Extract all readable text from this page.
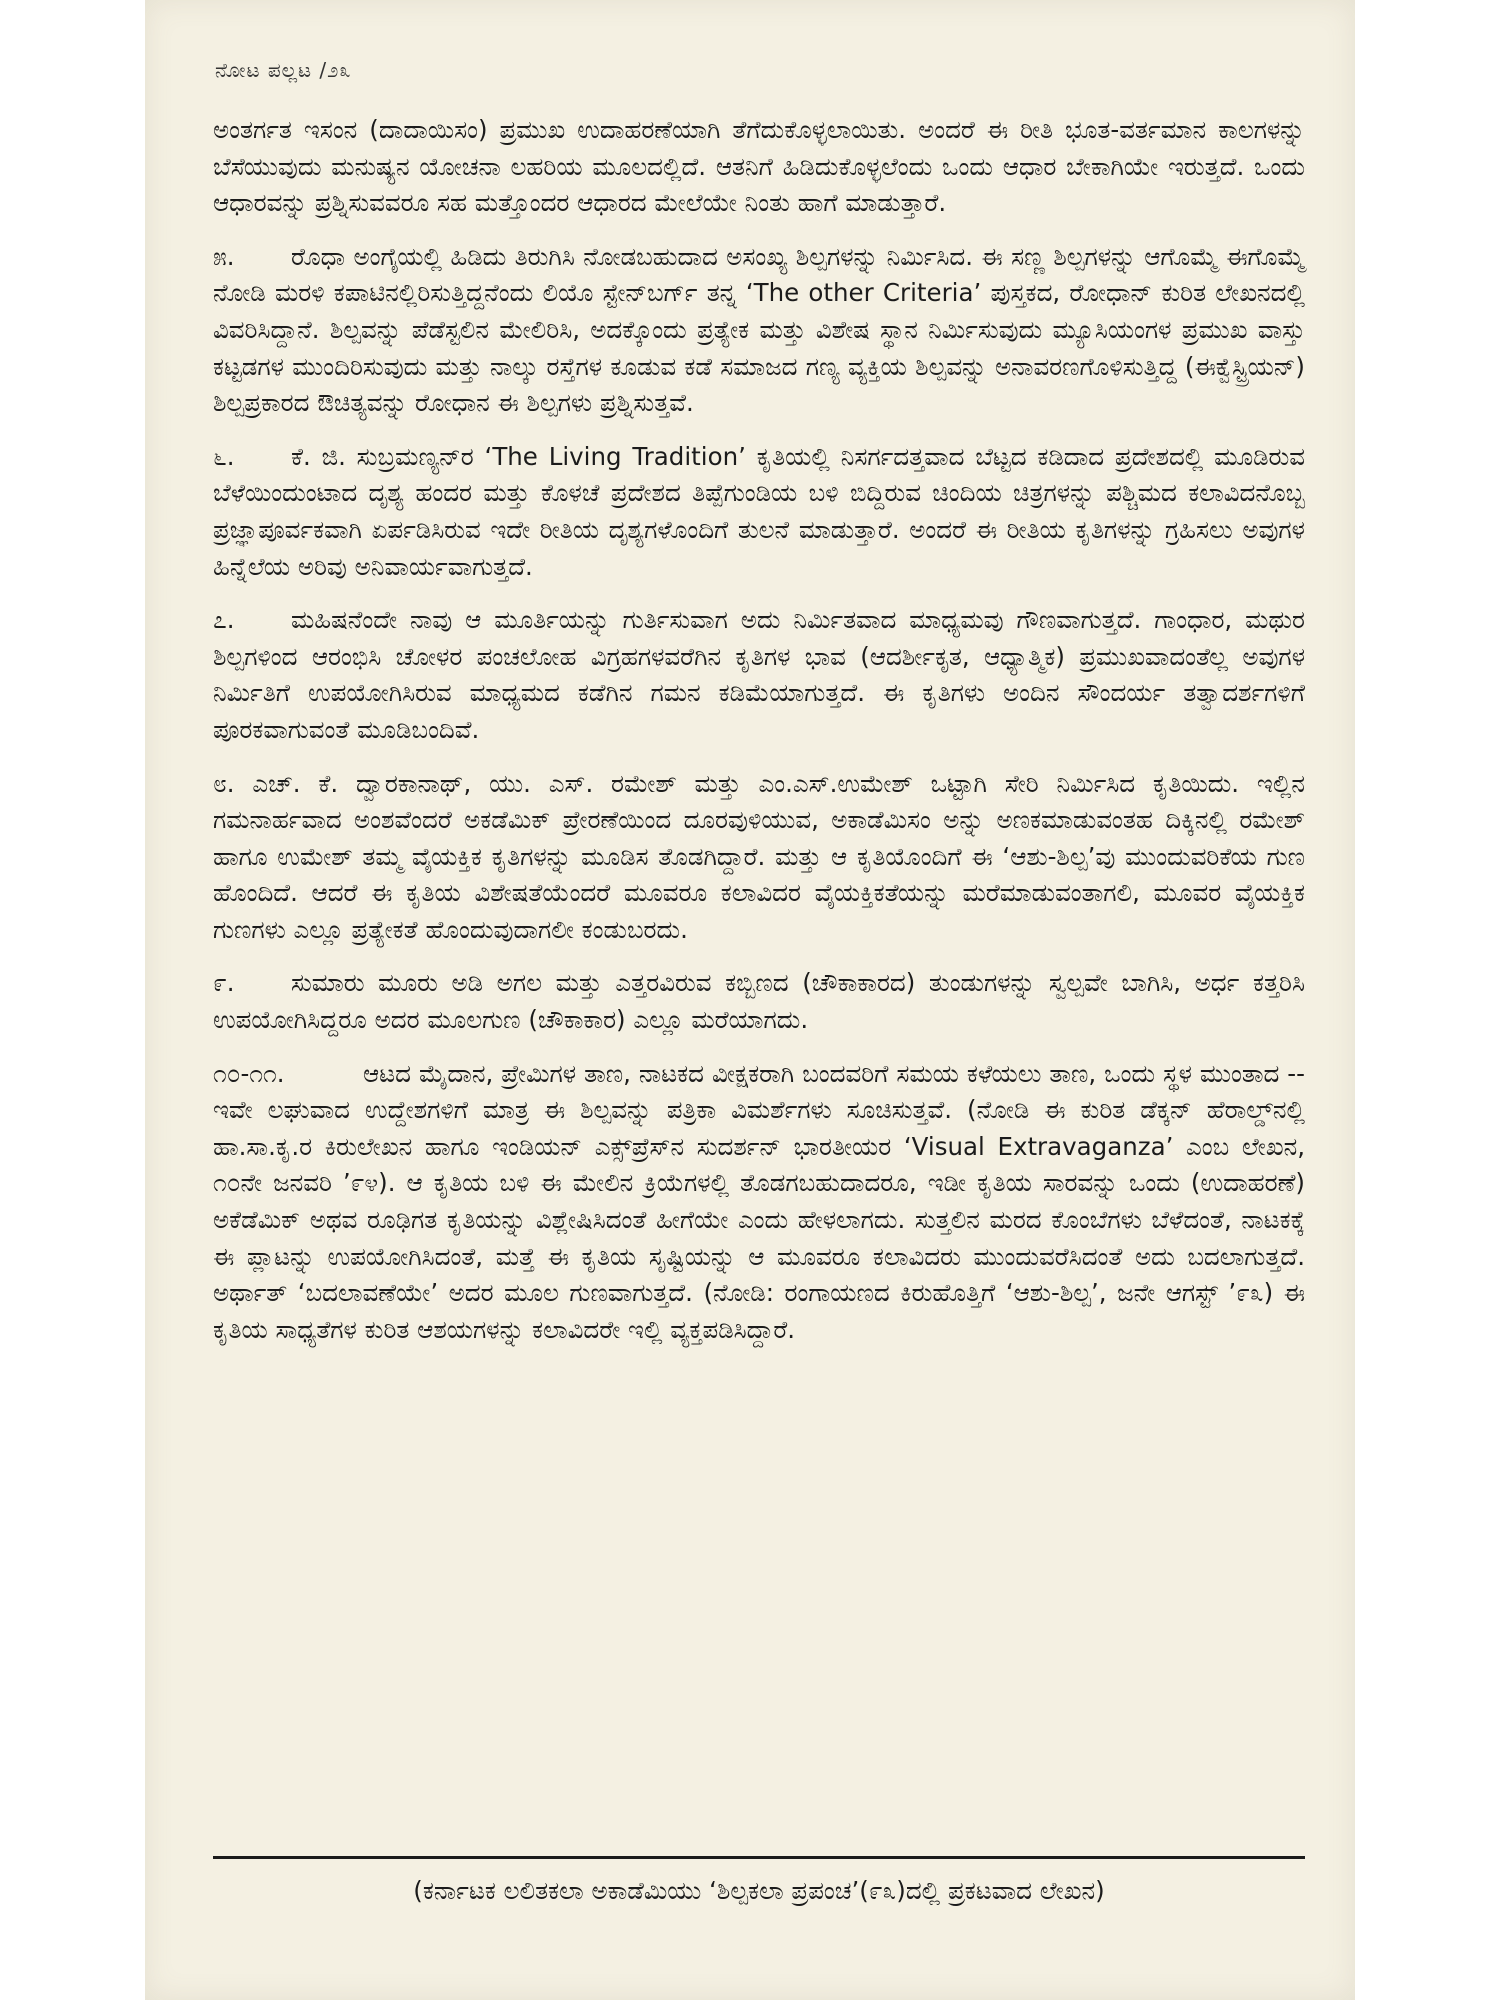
ನೋಟ ಪಲ್ಲಟ /೨೩

ಅಂತರ್ಗತ ಇಸಂನ (ದಾದಾಯಿಸಂ) ಪ್ರಮುಖ ಉದಾಹರಣೆಯಾಗಿ ತೆಗೆದುಕೊಳ್ಳಲಾಯಿತು. ಅಂದರೆ ಈ ರೀತಿ ಭೂತ-ವರ್ತಮಾನ ಕಾಲಗಳನ್ನು ಬೆಸೆಯುವುದು ಮನುಷ್ಯನ ಯೋಚನಾ ಲಹರಿಯ ಮೂಲದಲ್ಲಿದೆ. ಆತನಿಗೆ ಹಿಡಿದುಕೊಳ್ಳಲೆಂದು ಒಂದು ಆಧಾರ ಬೇಕಾಗಿಯೇ ಇರುತ್ತದೆ. ಒಂದು ಆಧಾರವನ್ನು ಪ್ರಶ್ನಿಸುವವರೂ ಸಹ ಮತ್ತೊಂದರ ಆಧಾರದ ಮೇಲೆಯೇ ನಿಂತು ಹಾಗೆ ಮಾಡುತ್ತಾರೆ.

೫. ರೊಧಾ ಅಂಗೈಯಲ್ಲಿ ಹಿಡಿದು ತಿರುಗಿಸಿ ನೋಡಬಹುದಾದ ಅಸಂಖ್ಯ ಶಿಲ್ಪಗಳನ್ನು ನಿರ್ಮಿಸಿದ. ಈ ಸಣ್ಣ ಶಿಲ್ಪಗಳನ್ನು ಆಗೊಮ್ಮೆ ಈಗೊಮ್ಮೆ ನೋಡಿ ಮರಳಿ ಕಪಾಟಿನಲ್ಲಿರಿಸುತ್ತಿದ್ದನೆಂದು ಲಿಯೊ ಸ್ಟೇನ್‌ಬರ್ಗ್ ತನ್ನ ‘The other Criteria’ ಪುಸ್ತಕದ, ರೋಧಾನ್ ಕುರಿತ ಲೇಖನದಲ್ಲಿ ವಿವರಿಸಿದ್ದಾನೆ. ಶಿಲ್ಪವನ್ನು ಪೆಡೆಸ್ಟಲಿನ ಮೇಲಿರಿಸಿ, ಅದಕ್ಕೊಂದು ಪ್ರತ್ಯೇಕ ಮತ್ತು ವಿಶೇಷ ಸ್ಥಾನ ನಿರ್ಮಿಸುವುದು ಮ್ಯೂಸಿಯಂಗಳ ಪ್ರಮುಖ ವಾಸ್ತು ಕಟ್ಟಡಗಳ ಮುಂದಿರಿಸುವುದು ಮತ್ತು ನಾಲ್ಕು ರಸ್ತೆಗಳ ಕೂಡುವ ಕಡೆ ಸಮಾಜದ ಗಣ್ಯ ವ್ಯಕ್ತಿಯ ಶಿಲ್ಪವನ್ನು ಅನಾವರಣಗೊಳಿಸುತ್ತಿದ್ದ (ಈಕ್ವೆಸ್ಟ್ರಿಯನ್) ಶಿಲ್ಪಪ್ರಕಾರದ ಔಚಿತ್ಯವನ್ನು ರೋಧಾನ ಈ ಶಿಲ್ಪಗಳು ಪ್ರಶ್ನಿಸುತ್ತವೆ.

೬. ಕೆ. ಜಿ. ಸುಬ್ರಮಣ್ಯನ್‌ರ ‘The Living Tradition’ ಕೃತಿಯಲ್ಲಿ ನಿಸರ್ಗದತ್ತವಾದ ಬೆಟ್ಟದ ಕಡಿದಾದ ಪ್ರದೇಶದಲ್ಲಿ ಮೂಡಿರುವ ಬೆಳೆಯಿಂದುಂಟಾದ ದೃಶ್ಯ ಹಂದರ ಮತ್ತು ಕೊಳಚೆ ಪ್ರದೇಶದ ತಿಪ್ಪೆಗುಂಡಿಯ ಬಳಿ ಬಿದ್ದಿರುವ ಚಿಂದಿಯ ಚಿತ್ರಗಳನ್ನು ಪಶ್ಚಿಮದ ಕಲಾವಿದನೊಬ್ಬ ಪ್ರಜ್ಞಾಪೂರ್ವಕವಾಗಿ ಏರ್ಪಡಿಸಿರುವ ಇದೇ ರೀತಿಯ ದೃಶ್ಯಗಳೊಂದಿಗೆ ತುಲನೆ ಮಾಡುತ್ತಾರೆ. ಅಂದರೆ ಈ ರೀತಿಯ ಕೃತಿಗಳನ್ನು ಗ್ರಹಿಸಲು ಅವುಗಳ ಹಿನ್ನೆಲೆಯ ಅರಿವು ಅನಿವಾರ್ಯವಾಗುತ್ತದೆ.

೭. ಮಹಿಷನೆಂದೇ ನಾವು ಆ ಮೂರ್ತಿಯನ್ನು ಗುರ್ತಿಸುವಾಗ ಅದು ನಿರ್ಮಿತವಾದ ಮಾಧ್ಯಮವು ಗೌಣವಾಗುತ್ತದೆ. ಗಾಂಧಾರ, ಮಥುರ ಶಿಲ್ಪಗಳಿಂದ ಆರಂಭಿಸಿ ಚೋಳರ ಪಂಚಲೋಹ ವಿಗ್ರಹಗಳವರೆಗಿನ ಕೃತಿಗಳ ಭಾವ (ಆದರ್ಶೀಕೃತ, ಆಧ್ಯಾತ್ಮಿಕ) ಪ್ರಮುಖವಾದಂತೆಲ್ಲ ಅವುಗಳ ನಿರ್ಮಿತಿಗೆ ಉಪಯೋಗಿಸಿರುವ ಮಾಧ್ಯಮದ ಕಡೆಗಿನ ಗಮನ ಕಡಿಮೆಯಾಗುತ್ತದೆ. ಈ ಕೃತಿಗಳು ಅಂದಿನ ಸೌಂದರ್ಯ ತತ್ವಾದರ್ಶಗಳಿಗೆ ಪೂರಕವಾಗುವಂತೆ ಮೂಡಿಬಂದಿವೆ.

೮. ಎಚ್. ಕೆ. ದ್ವಾರಕಾನಾಥ್, ಯು. ಎಸ್. ರಮೇಶ್ ಮತ್ತು ಎಂ.ಎಸ್.ಉಮೇಶ್ ಒಟ್ಟಾಗಿ ಸೇರಿ ನಿರ್ಮಿಸಿದ ಕೃತಿಯಿದು. ಇಲ್ಲಿನ ಗಮನಾರ್ಹವಾದ ಅಂಶವೆಂದರೆ ಅಕಡೆಮಿಕ್ ಪ್ರೇರಣೆಯಿಂದ ದೂರವುಳಿಯುವ, ಅಕಾಡೆಮಿಸಂ ಅನ್ನು ಅಣಕಮಾಡುವಂತಹ ದಿಕ್ಕಿನಲ್ಲಿ ರಮೇಶ್ ಹಾಗೂ ಉಮೇಶ್ ತಮ್ಮ ವೈಯಕ್ತಿಕ ಕೃತಿಗಳನ್ನು ಮೂಡಿಸ ತೊಡಗಿದ್ದಾರೆ. ಮತ್ತು ಆ ಕೃತಿಯೊಂದಿಗೆ ಈ ‘ಆಶು-ಶಿಲ್ಪ’ವು ಮುಂದುವರಿಕೆಯ ಗುಣ ಹೊಂದಿದೆ. ಆದರೆ ಈ ಕೃತಿಯ ವಿಶೇಷತೆಯೆಂದರೆ ಮೂವರೂ ಕಲಾವಿದರ ವೈಯಕ್ತಿಕತೆಯನ್ನು ಮರೆಮಾಡುವಂತಾಗಲಿ, ಮೂವರ ವೈಯಕ್ತಿಕ ಗುಣಗಳು ಎಲ್ಲೂ ಪ್ರತ್ಯೇಕತೆ ಹೊಂದುವುದಾಗಲೀ ಕಂಡುಬರದು.

೯. ಸುಮಾರು ಮೂರು ಅಡಿ ಅಗಲ ಮತ್ತು ಎತ್ತರವಿರುವ ಕಬ್ಬಿಣದ (ಚೌಕಾಕಾರದ) ತುಂಡುಗಳನ್ನು ಸ್ವಲ್ಪವೇ ಬಾಗಿಸಿ, ಅರ್ಧ ಕತ್ತರಿಸಿ ಉಪಯೋಗಿಸಿದ್ದರೂ ಅದರ ಮೂಲಗುಣ (ಚೌಕಾಕಾರ) ಎಲ್ಲೂ ಮರೆಯಾಗದು.

೧೦-೧೧.	ಆಟದ ಮೈದಾನ, ಪ್ರೇಮಿಗಳ ತಾಣ, ನಾಟಕದ ವೀಕ್ಷಕರಾಗಿ ಬಂದವರಿಗೆ ಸಮಯ ಕಳೆಯಲು ತಾಣ, ಒಂದು ಸ್ಥಳ ಮುಂತಾದ -- ಇವೇ ಲಘುವಾದ ಉದ್ದೇಶಗಳಿಗೆ ಮಾತ್ರ ಈ ಶಿಲ್ಪವನ್ನು ಪತ್ರಿಕಾ ವಿಮರ್ಶೆಗಳು ಸೂಚಿಸುತ್ತವೆ. (ನೋಡಿ ಈ ಕುರಿತ ಡೆಕ್ಕನ್ ಹೆರಾಲ್ಡ್‌ನಲ್ಲಿ ಹಾ.ಸಾ.ಕೃ.ರ ಕಿರುಲೇಖನ ಹಾಗೂ ಇಂಡಿಯನ್ ಎಕ್ಸ್‌ಪ್ರೆಸ್‌ನ ಸುದರ್ಶನ್ ಭಾರತೀಯರ ‘Visual Extravaganza’ ಎಂಬ ಲೇಖನ, ೧೦ನೇ ಜನವರಿ ’೯೪). ಆ ಕೃತಿಯ ಬಳಿ ಈ ಮೇಲಿನ ಕ್ರಿಯೆಗಳಲ್ಲಿ ತೊಡಗಬಹುದಾದರೂ, ಇಡೀ ಕೃತಿಯ ಸಾರವನ್ನು ಒಂದು (ಉದಾಹರಣೆ) ಅಕೆಡೆಮಿಕ್ ಅಥವ ರೂಢಿಗತ ಕೃತಿಯನ್ನು ವಿಶ್ಲೇಷಿಸಿದಂತೆ ಹೀಗೆಯೇ ಎಂದು ಹೇಳಲಾಗದು. ಸುತ್ತಲಿನ ಮರದ ಕೊಂಬೆಗಳು ಬೆಳೆದಂತೆ, ನಾಟಕಕ್ಕೆ ಈ ಪ್ಲಾಟನ್ನು ಉಪಯೋಗಿಸಿದಂತೆ, ಮತ್ತೆ ಈ ಕೃತಿಯ ಸೃಷ್ಟಿಯನ್ನು ಆ ಮೂವರೂ ಕಲಾವಿದರು ಮುಂದುವರೆಸಿದಂತೆ ಅದು ಬದಲಾಗುತ್ತದೆ. ಅರ್ಥಾತ್ ‘ಬದಲಾವಣೆಯೇ’ ಅದರ ಮೂಲ ಗುಣವಾಗುತ್ತದೆ. (ನೋಡಿ: ರಂಗಾಯಣದ ಕಿರುಹೊತ್ತಿಗೆ ‘ಆಶು-ಶಿಲ್ಪ’, ಜನೇ ಆಗಸ್ಟ್ ’೯೩) ಈ ಕೃತಿಯ ಸಾಧ್ಯತೆಗಳ ಕುರಿತ ಆಶಯಗಳನ್ನು ಕಲಾವಿದರೇ ಇಲ್ಲಿ ವ್ಯಕ್ತಪಡಿಸಿದ್ದಾರೆ.

(ಕರ್ನಾಟಕ ಲಲಿತಕಲಾ ಅಕಾಡೆಮಿಯು ‘ಶಿಲ್ಪಕಲಾ ಪ್ರಪಂಚ’(೯೩)ದಲ್ಲಿ ಪ್ರಕಟವಾದ ಲೇಖನ)
